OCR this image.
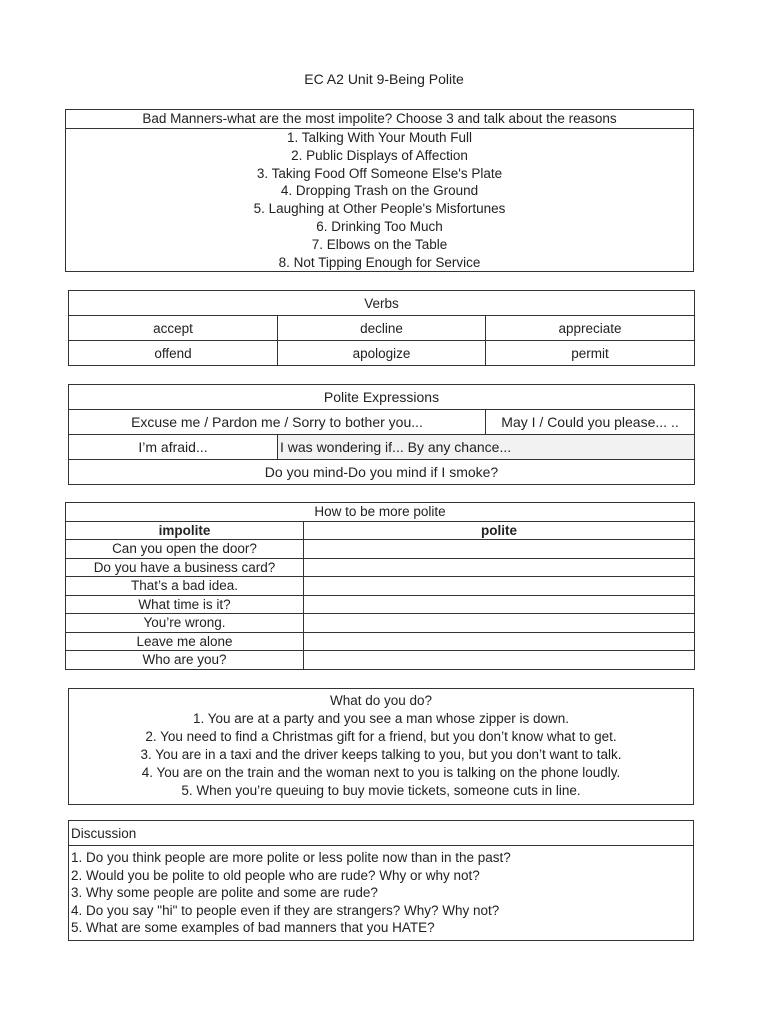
EC A2 Unit 9-Being Polite
Bad Manners-what are the most impolite? Choose 3 and talk about the reasons

1. Talking With Your Mouth Full
2. Public Displays of Affection
3. Taking Food Off Someone Else's Plate
4. Dropping Trash on the Ground
5. Laughing at Other People's Misfortunes
6. Drinking Too Much
7. Elbows on the Table
8. Not Tipping Enough for Service
Verbs		
accept	decline	appreciate
offend	apologize	permit
Polite Expressions		
Excuse me / Pardon me / Sorry to bother you...		May I / Could you please... ..
I’m afraid...	I was wondering if... By any chance...	
Do you mind-Do you mind if I smoke?		
How to be more polite	
impolite	polite
Can you open the door?	
Do you have a business card?	
That’s a bad idea.	
What time is it?	
You’re wrong.	
Leave me alone	
Who are you?	
What do you do?
1. You are at a party and you see a man whose zipper is down.
2. You need to find a Christmas gift for a friend, but you don’t know what to get.
3. You are in a taxi and the driver keeps talking to you, but you don’t want to talk.
4. You are on the train and the woman next to you is talking on the phone loudly.
5. When you’re queuing to buy movie tickets, someone cuts in line.
Discussion

1. Do you think people are more polite or less polite now than in the past?
2. Would you be polite to old people who are rude? Why or why not?
3. Why some people are polite and some are rude?
4. Do you say "hi" to people even if they are strangers? Why? Why not?
5. What are some examples of bad manners that you HATE?
